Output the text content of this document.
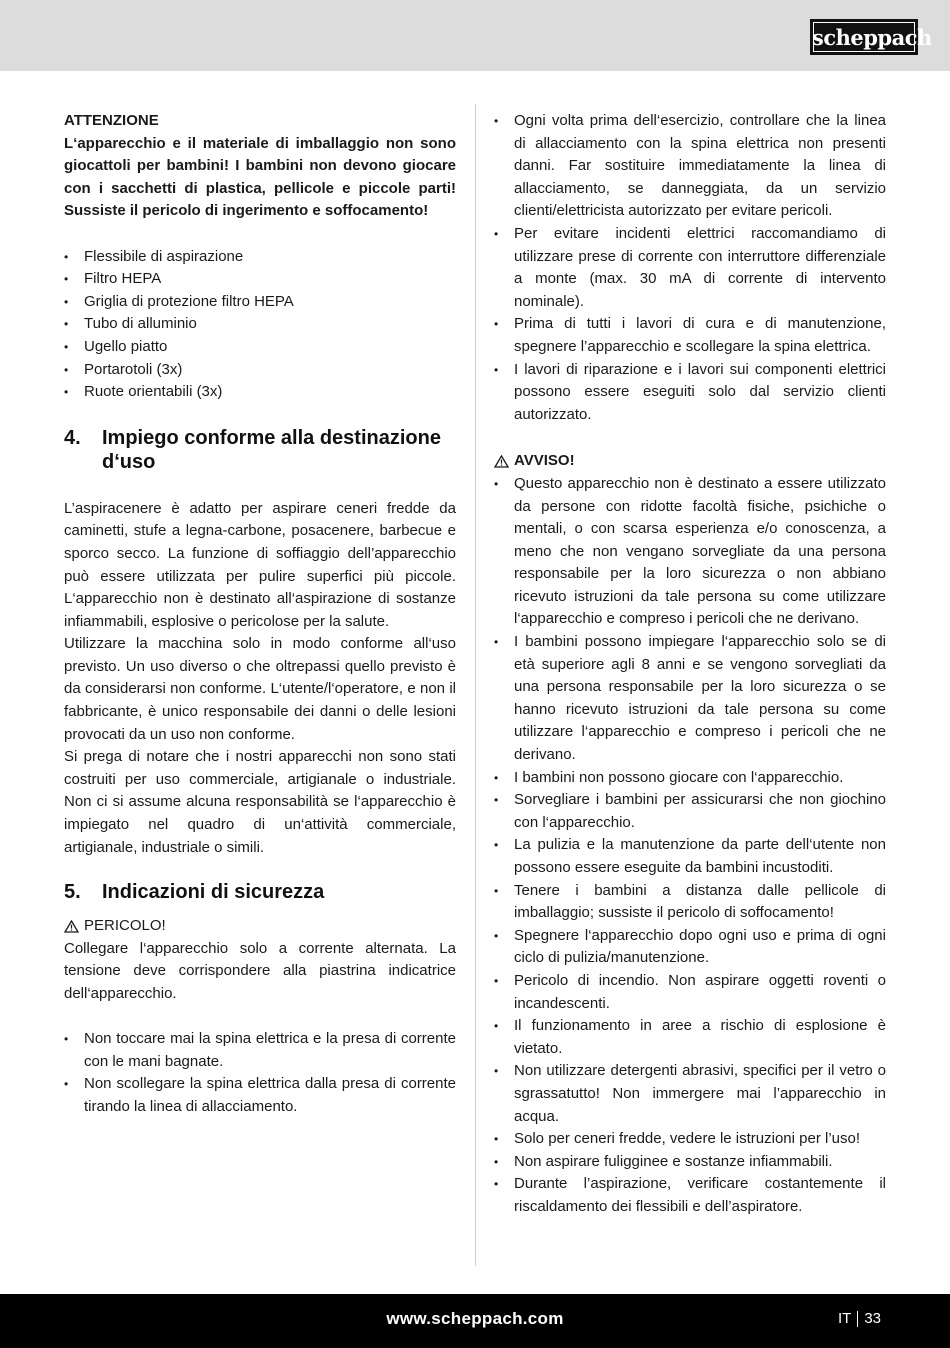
scheppach

ATTENZIONE

L‘apparecchio e il materiale di imballaggio non sono giocattoli per bambini! I bambini non devono giocare con i sacchetti di plastica, pellicole e piccole parti! Sussiste il pericolo di ingerimento e soffocamento!

• Flessibile di aspirazione
• Filtro HEPA
• Griglia di protezione filtro HEPA
• Tubo di alluminio
• Ugello piatto
• Portarotoli (3x)
• Ruote orientabili (3x)
4.	Impiego conforme alla destinazione d‘uso

L’aspiracenere è adatto per aspirare ceneri fredde da caminetti, stufe a legna-carbone, posacenere, barbecue e sporco secco. La funzione di soffiaggio dell’apparecchio può essere utilizzata per pulire superfici più piccole. L‘apparecchio non è destinato all‘aspirazione di sostanze infiammabili, esplosive o pericolose per la salute.

Utilizzare la macchina solo in modo conforme all‘uso previsto. Un uso diverso o che oltrepassi quello previsto è da considerarsi non conforme. L‘utente/l‘operatore, e non il fabbricante, è unico responsabile dei danni o delle lesioni provocati da un uso non conforme.

Si prega di notare che i nostri apparecchi non sono stati costruiti per uso commerciale, artigianale o industriale. Non ci si assume alcuna responsabilità se l‘apparecchio è impiegato nel quadro di un‘attività commerciale, artigianale, industriale o simili.

5.	Indicazioni di sicurezza
PERICOLO!

Collegare l‘apparecchio solo a corrente alternata. La tensione deve corrispondere alla piastrina indicatrice dell‘apparecchio.

• Non toccare mai la spina elettrica e la presa di corrente con le mani bagnate.
• Non scollegare la spina elettrica dalla presa di corrente tirando la linea di allacciamento.
• Ogni volta prima dell‘esercizio, controllare che la linea di allacciamento con la spina elettrica non presenti danni. Far sostituire immediatamente la linea di allacciamento, se danneggiata, da un servizio clienti/elettricista autorizzato per evitare pericoli.
• Per evitare incidenti elettrici raccomandiamo di utilizzare prese di corrente con interruttore differenziale a monte (max. 30 mA di corrente di intervento nominale).
• Prima di tutti i lavori di cura e di manutenzione, spegnere l’apparecchio e scollegare la spina elettrica.
• I lavori di riparazione e i lavori sui componenti elettrici possono essere eseguiti solo dal servizio clienti autorizzato.
AVVISO!
• Questo apparecchio non è destinato a essere utilizzato da persone con ridotte facoltà fisiche, psichiche o mentali, o con scarsa esperienza e/o conoscenza, a meno che non vengano sorvegliate da una persona responsabile per la loro sicurezza o non abbiano ricevuto istruzioni da tale persona su come utilizzare l‘apparecchio e compreso i pericoli che ne derivano.
• I bambini possono impiegare l‘apparecchio solo se di età superiore agli 8 anni e se vengono sorvegliati da una persona responsabile per la loro sicurezza o se hanno ricevuto istruzioni da tale persona su come utilizzare l‘apparecchio e compreso i pericoli che ne derivano.
• I bambini non possono giocare con l‘apparecchio.
• Sorvegliare i bambini per assicurarsi che non giochino con l‘apparecchio.
• La pulizia e la manutenzione da parte dell‘utente non possono essere eseguite da bambini incustoditi.
• Tenere i bambini a distanza dalle pellicole di imballaggio; sussiste il pericolo di soffocamento!
• Spegnere l‘apparecchio dopo ogni uso e prima di ogni ciclo di pulizia/manutenzione.
• Pericolo di incendio. Non aspirare oggetti roventi o incandescenti.
• Il funzionamento in aree a rischio di esplosione è vietato.
• Non utilizzare detergenti abrasivi, specifici per il vetro o sgrassatutto! Non immergere mai l’apparecchio in acqua.
• Solo per ceneri fredde, vedere le istruzioni per l’uso!
• Non aspirare fuligginee e sostanze infiammabili.
• Durante l’aspirazione, verificare costantemente il riscaldamento dei flessibili e dell’aspiratore.
www.scheppach.com	IT 33
